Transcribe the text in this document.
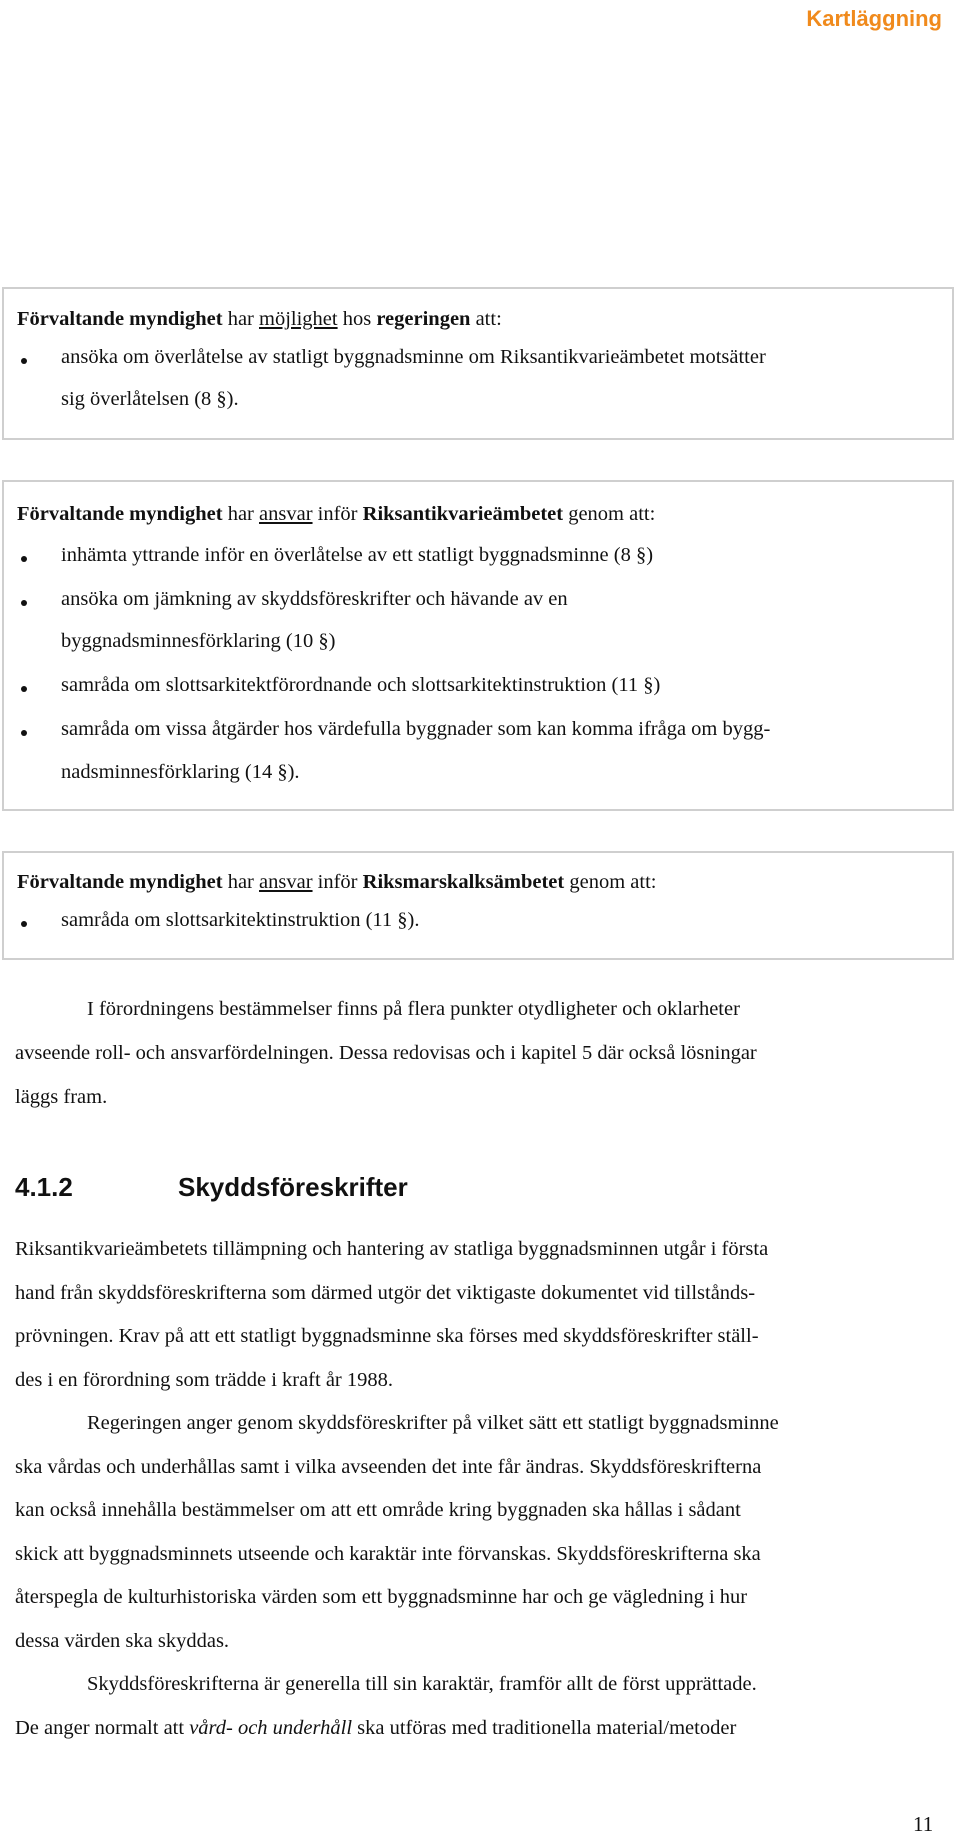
Kartläggning
Förvaltande myndighet har möjlighet hos regeringen att:
ansöka om överlåtelse av statligt byggnadsminne om Riksantikvarieämbetet motsätter
sig överlåtelsen (8 §).
Förvaltande myndighet har ansvar inför Riksantikvarieämbetet genom att:
inhämta yttrande inför en överlåtelse av ett statligt byggnadsminne (8 §)
ansöka om jämkning av skyddsföreskrifter och hävande av en
byggnadsminnesförklaring (10 §)
samråda om slottsarkitektförordnande och slottsarkitektinstruktion (11 §)
samråda om vissa åtgärder hos värdefulla byggnader som kan komma ifråga om bygg-
nadsminnesförklaring (14 §).
Förvaltande myndighet har ansvar inför Riksmarskalksämbetet genom att:
samråda om slottsarkitektinstruktion (11 §).
I förordningens bestämmelser finns på flera punkter otydligheter och oklarheter
avseende roll- och ansvarfördelningen. Dessa redovisas och i kapitel 5 där också lösningar
läggs fram.
4.1.2	Skyddsföreskrifter
Riksantikvarieämbetets tillämpning och hantering av statliga byggnadsminnen utgår i första
hand från skyddsföreskrifterna som därmed utgör det viktigaste dokumentet vid tillstånds-
prövningen. Krav på att ett statligt byggnadsminne ska förses med skyddsföreskrifter ställ-
des i en förordning som trädde i kraft år 1988.
Regeringen anger genom skyddsföreskrifter på vilket sätt ett statligt byggnadsminne
ska vårdas och underhållas samt i vilka avseenden det inte får ändras. Skyddsföreskrifterna
kan också innehålla bestämmelser om att ett område kring byggnaden ska hållas i sådant
skick att byggnadsminnets utseende och karaktär inte förvanskas. Skyddsföreskrifterna ska
återspegla de kulturhistoriska värden som ett byggnadsminne har och ge vägledning i hur
dessa värden ska skyddas.
Skyddsföreskrifterna är generella till sin karaktär, framför allt de först upprättade.
De anger normalt att vård- och underhåll ska utföras med traditionella material/metoder
11
